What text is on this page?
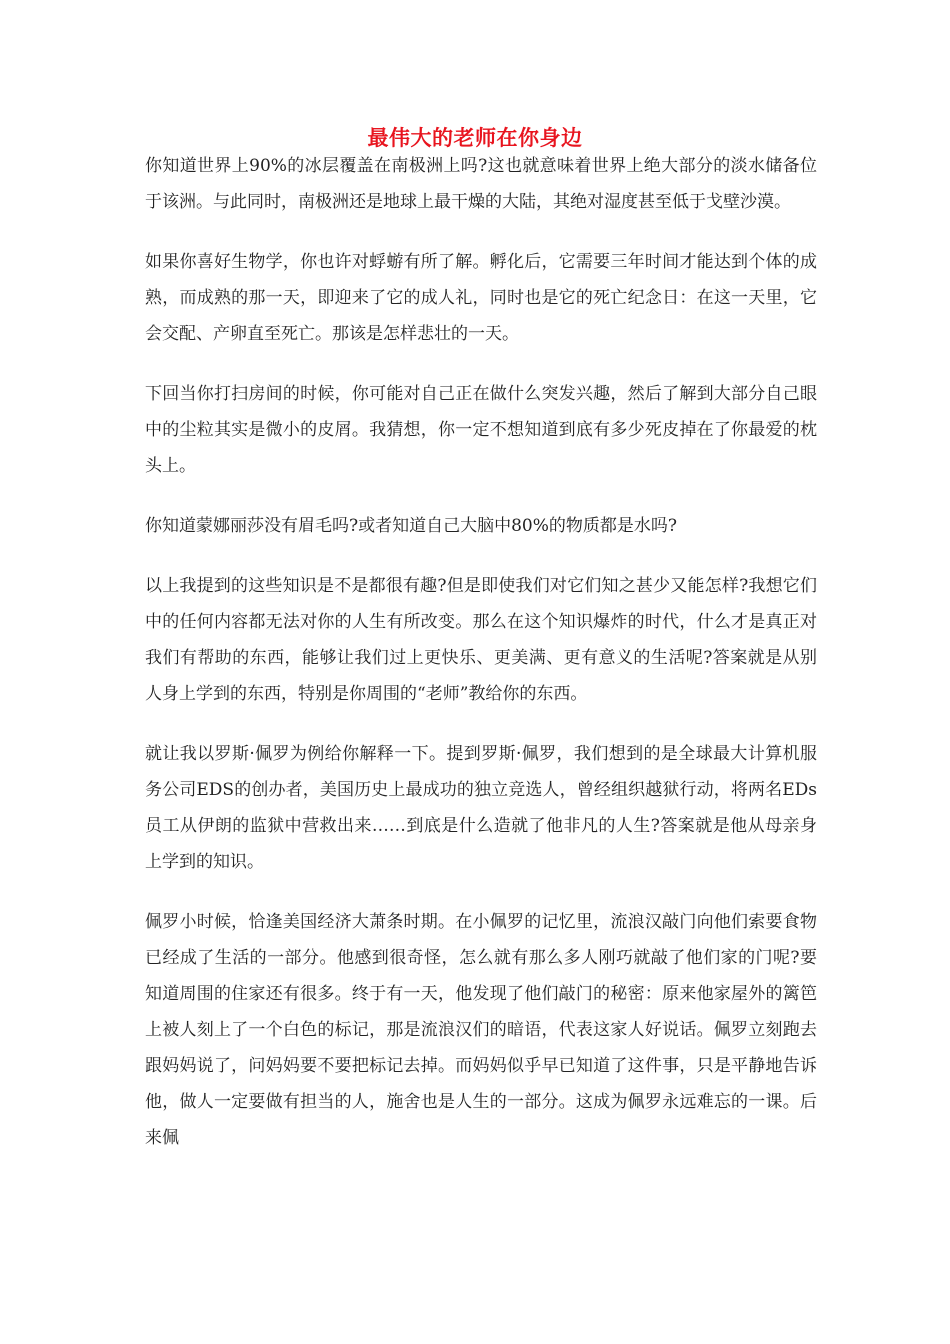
最伟大的老师在你身边

你知道世界上90%的冰层覆盖在南极洲上吗?这也就意味着世界上绝大部分的淡水储备位于该洲。与此同时，南极洲还是地球上最干燥的大陆，其绝对湿度甚至低于戈壁沙漠。

如果你喜好生物学，你也许对蜉蝣有所了解。孵化后，它需要三年时间才能达到个体的成熟，而成熟的那一天，即迎来了它的成人礼，同时也是它的死亡纪念日：在这一天里，它会交配、产卵直至死亡。那该是怎样悲壮的一天。

下回当你打扫房间的时候，你可能对自己正在做什么突发兴趣，然后了解到大部分自己眼中的尘粒其实是微小的皮屑。我猜想，你一定不想知道到底有多少死皮掉在了你最爱的枕头上。

你知道蒙娜丽莎没有眉毛吗?或者知道自己大脑中80%的物质都是水吗?

以上我提到的这些知识是不是都很有趣?但是即使我们对它们知之甚少又能怎样?我想它们中的任何内容都无法对你的人生有所改变。那么在这个知识爆炸的时代，什么才是真正对我们有帮助的东西，能够让我们过上更快乐、更美满、更有意义的生活呢?答案就是从别人身上学到的东西，特别是你周围的“老师”教给你的东西。

就让我以罗斯·佩罗为例给你解释一下。提到罗斯·佩罗，我们想到的是全球最大计算机服务公司EDS的创办者，美国历史上最成功的独立竞选人，曾经组织越狱行动，将两名EDs员工从伊朗的监狱中营救出来……到底是什么造就了他非凡的人生?答案就是他从母亲身上学到的知识。

佩罗小时候，恰逢美国经济大萧条时期。在小佩罗的记忆里，流浪汉敲门向他们索要食物已经成了生活的一部分。他感到很奇怪，怎么就有那么多人刚巧就敲了他们家的门呢?要知道周围的住家还有很多。终于有一天，他发现了他们敲门的秘密：原来他家屋外的篱笆上被人刻上了一个白色的标记，那是流浪汉们的暗语，代表这家人好说话。佩罗立刻跑去跟妈妈说了，问妈妈要不要把标记去掉。而妈妈似乎早已知道了这件事，只是平静地告诉他，做人一定要做有担当的人，施舍也是人生的一部分。这成为佩罗永远难忘的一课。后来佩
